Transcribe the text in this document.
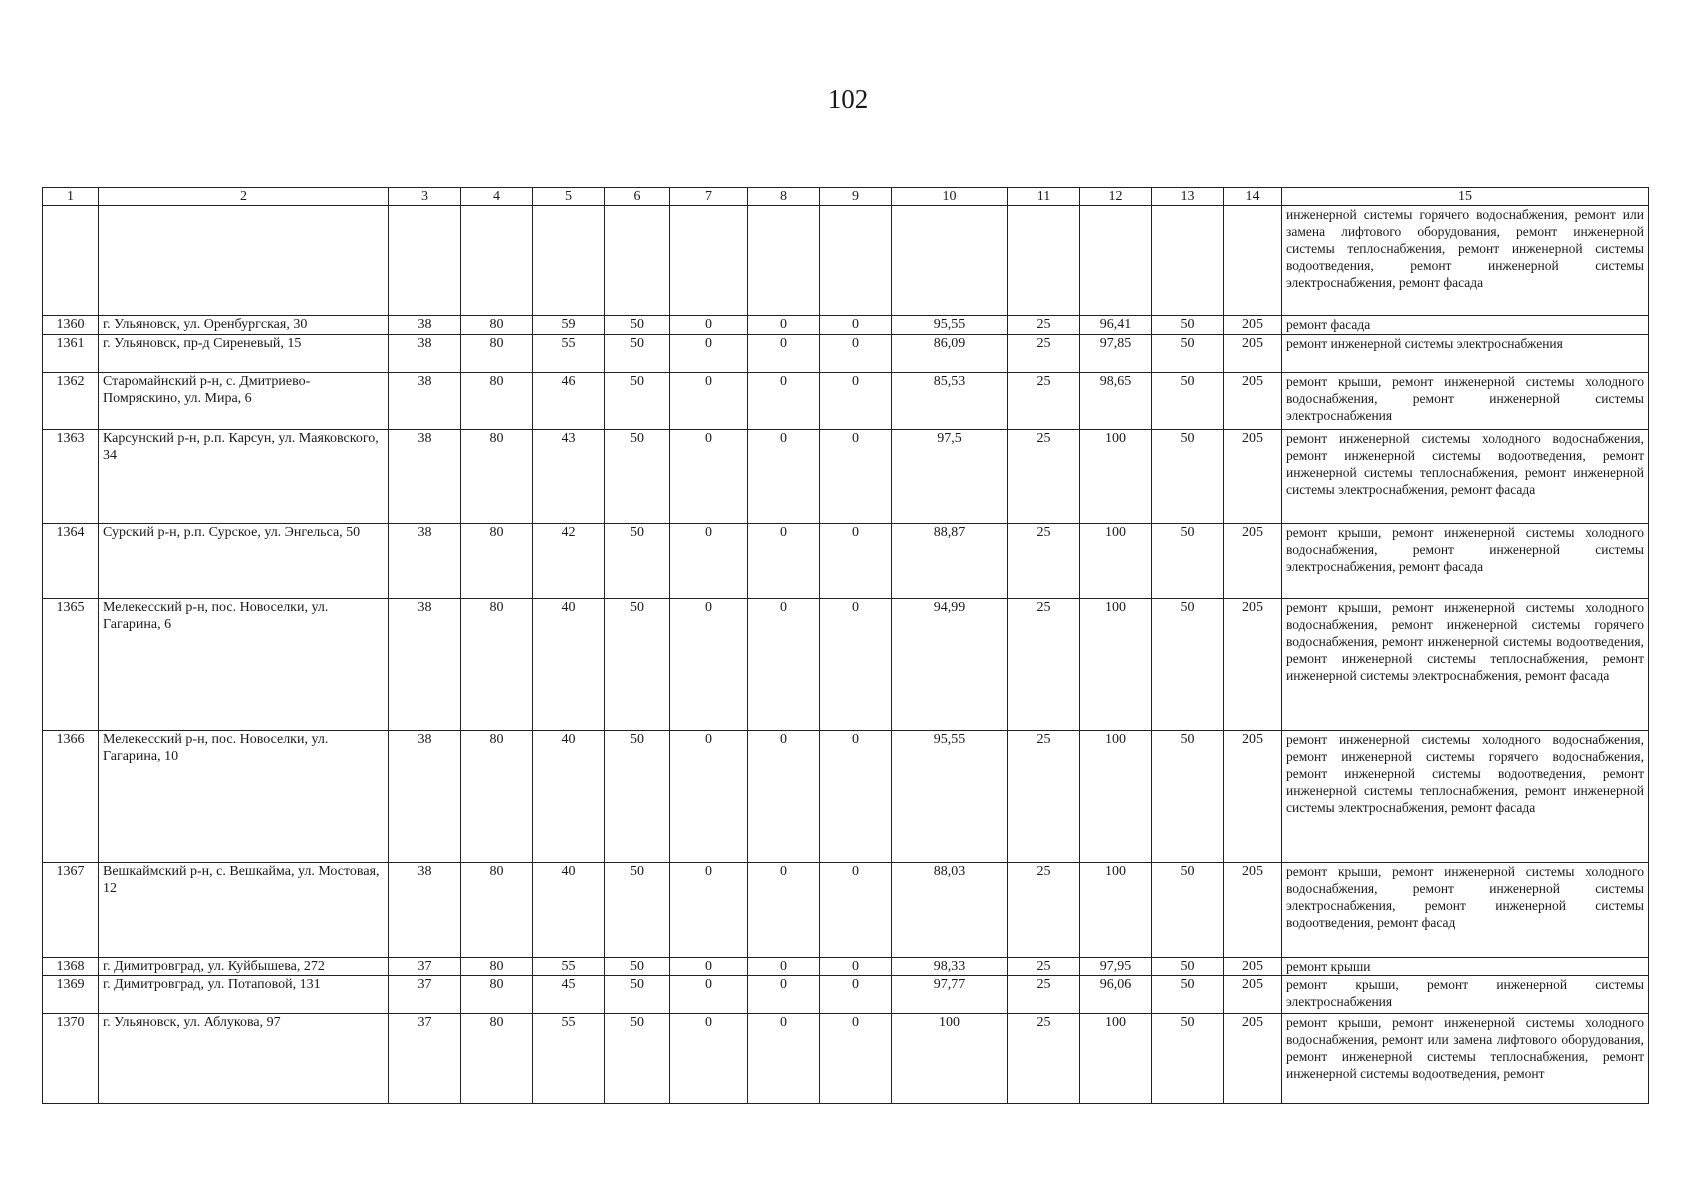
102
1	2	3	4	5	6	7	8	9	10	11	12	13	14	15
														инженерной системы горячего водоснабжения, ремонт или замена лифтового оборудования, ремонт инженерной системы теплоснабжения, ремонт инженерной системы водоотведения, ремонт инженерной системы электроснабжения, ремонт фасада
1360	г. Ульяновск, ул. Оренбургская, 30	38	80	59	50	0	0	0	95,55	25	96,41	50	205	ремонт фасада
1361	г. Ульяновск, пр-д Сиреневый, 15	38	80	55	50	0	0	0	86,09	25	97,85	50	205	ремонт инженерной системы электроснабжения
1362	Старомайнский р-н, с. Дмитриево-Помряскино, ул. Мира, 6	38	80	46	50	0	0	0	85,53	25	98,65	50	205	ремонт крыши, ремонт инженерной системы холодного водоснабжения, ремонт инженерной системы электроснабжения
1363	Карсунский р-н, р.п. Карсун, ул. Маяковского, 34	38	80	43	50	0	0	0	97,5	25	100	50	205	ремонт инженерной системы холодного водоснабжения, ремонт инженерной системы водоотведения, ремонт инженерной системы теплоснабжения, ремонт инженерной системы электроснабжения, ремонт фасада
1364	Сурский р-н, р.п. Сурское, ул. Энгельса, 50	38	80	42	50	0	0	0	88,87	25	100	50	205	ремонт крыши, ремонт инженерной системы холодного водоснабжения, ремонт инженерной системы электроснабжения, ремонт фасада
1365	Мелекесский р-н, пос. Новоселки, ул. Гагарина, 6	38	80	40	50	0	0	0	94,99	25	100	50	205	ремонт крыши, ремонт инженерной системы холодного водоснабжения, ремонт инженерной системы горячего водоснабжения, ремонт инженерной системы водоотведения, ремонт инженерной системы теплоснабжения, ремонт инженерной системы электроснабжения, ремонт фасада
1366	Мелекесский р-н, пос. Новоселки, ул. Гагарина, 10	38	80	40	50	0	0	0	95,55	25	100	50	205	ремонт инженерной системы холодного водоснабжения, ремонт инженерной системы горячего водоснабжения, ремонт инженерной системы водоотведения, ремонт инженерной системы теплоснабжения, ремонт инженерной системы электроснабжения, ремонт фасада
1367	Вешкаймский р-н, с. Вешкайма, ул. Мостовая, 12	38	80	40	50	0	0	0	88,03	25	100	50	205	ремонт крыши, ремонт инженерной системы холодного водоснабжения, ремонт инженерной системы электроснабжения, ремонт инженерной системы водоотведения, ремонт фасад
1368	г. Димитровград, ул. Куйбышева, 272	37	80	55	50	0	0	0	98,33	25	97,95	50	205	ремонт крыши
1369	г. Димитровград, ул. Потаповой, 131	37	80	45	50	0	0	0	97,77	25	96,06	50	205	ремонт крыши, ремонт инженерной системы электроснабжения
1370	г. Ульяновск, ул. Аблукова, 97	37	80	55	50	0	0	0	100	25	100	50	205	ремонт крыши, ремонт инженерной системы холодного водоснабжения, ремонт или замена лифтового оборудования, ремонт инженерной системы теплоснабжения, ремонт инженерной системы водоотведения, ремонт
